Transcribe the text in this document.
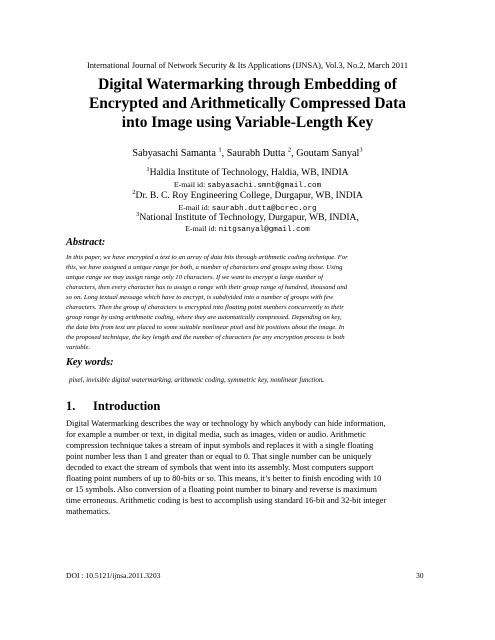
International Journal of Network Security & Its Applications (IJNSA), Vol.3, No.2, March 2011
Digital Watermarking through Embedding of
Encrypted and Arithmetically Compressed Data
into Image using Variable-Length Key
Sabyasachi Samanta $^1$, Saurabh Dutta $^2$, Goutam Sanyal$^3$
$^1$Haldia Institute of Technology, Haldia, WB, INDIA
E-mail id: sabyasachi.smnt@gmail.com
$^2$Dr. B. C. Roy Engineering College, Durgapur, WB, INDIA
E-mail id: saurabh.dutta@bcrec.org
$^3$National Institute of Technology, Durgapur, WB, INDIA,
E-mail id: nitgsanyal@gmail.com
Abstract:
In this paper, we have encrypted a text to an array of data bits through arithmetic coding technique. For
this, we have assigned a unique range for both, a number of characters and groups using those. Using
unique range we may assign range only 10 characters. If we want to encrypt a large number of
characters, then every character has to assign a range with their group range of hundred, thousand and
so on. Long textual message which have to encrypt, is subdivided into a number of groups with few
characters. Then the group of characters is encrypted into floating point numbers concurrently to their
group range by using arithmetic coding, where they are automatically compressed. Depending on key,
the data bits from text are placed to some suitable nonlinear pixel and bit positions about the image. In
the proposed technique, the key length and the number of characters for any encryption process is both
variable.
Key words:
pixel, invisible digital watermarking, arithmetic coding, symmetric key, nonlinear function.
1. Introduction
Digital Watermarking describes the way or technology by which anybody can hide information,
for example a number or text, in digital media, such as images, video or audio. Arithmetic
compression technique takes a stream of input symbols and replaces it with a single floating
point number less than 1 and greater than or equal to 0. That single number can be uniquely
decoded to exact the stream of symbols that went into its assembly. Most computers support
floating point numbers of up to 80-bits or so. This means, it’s better to finish encoding with 10
or 15 symbols. Also conversion of a floating point number to binary and reverse is maximum
time erroneous. Arithmetic coding is best to accomplish using standard 16-bit and 32-bit integer
mathematics.
DOI : 10.5121/ijnsa.2011.3203	30
